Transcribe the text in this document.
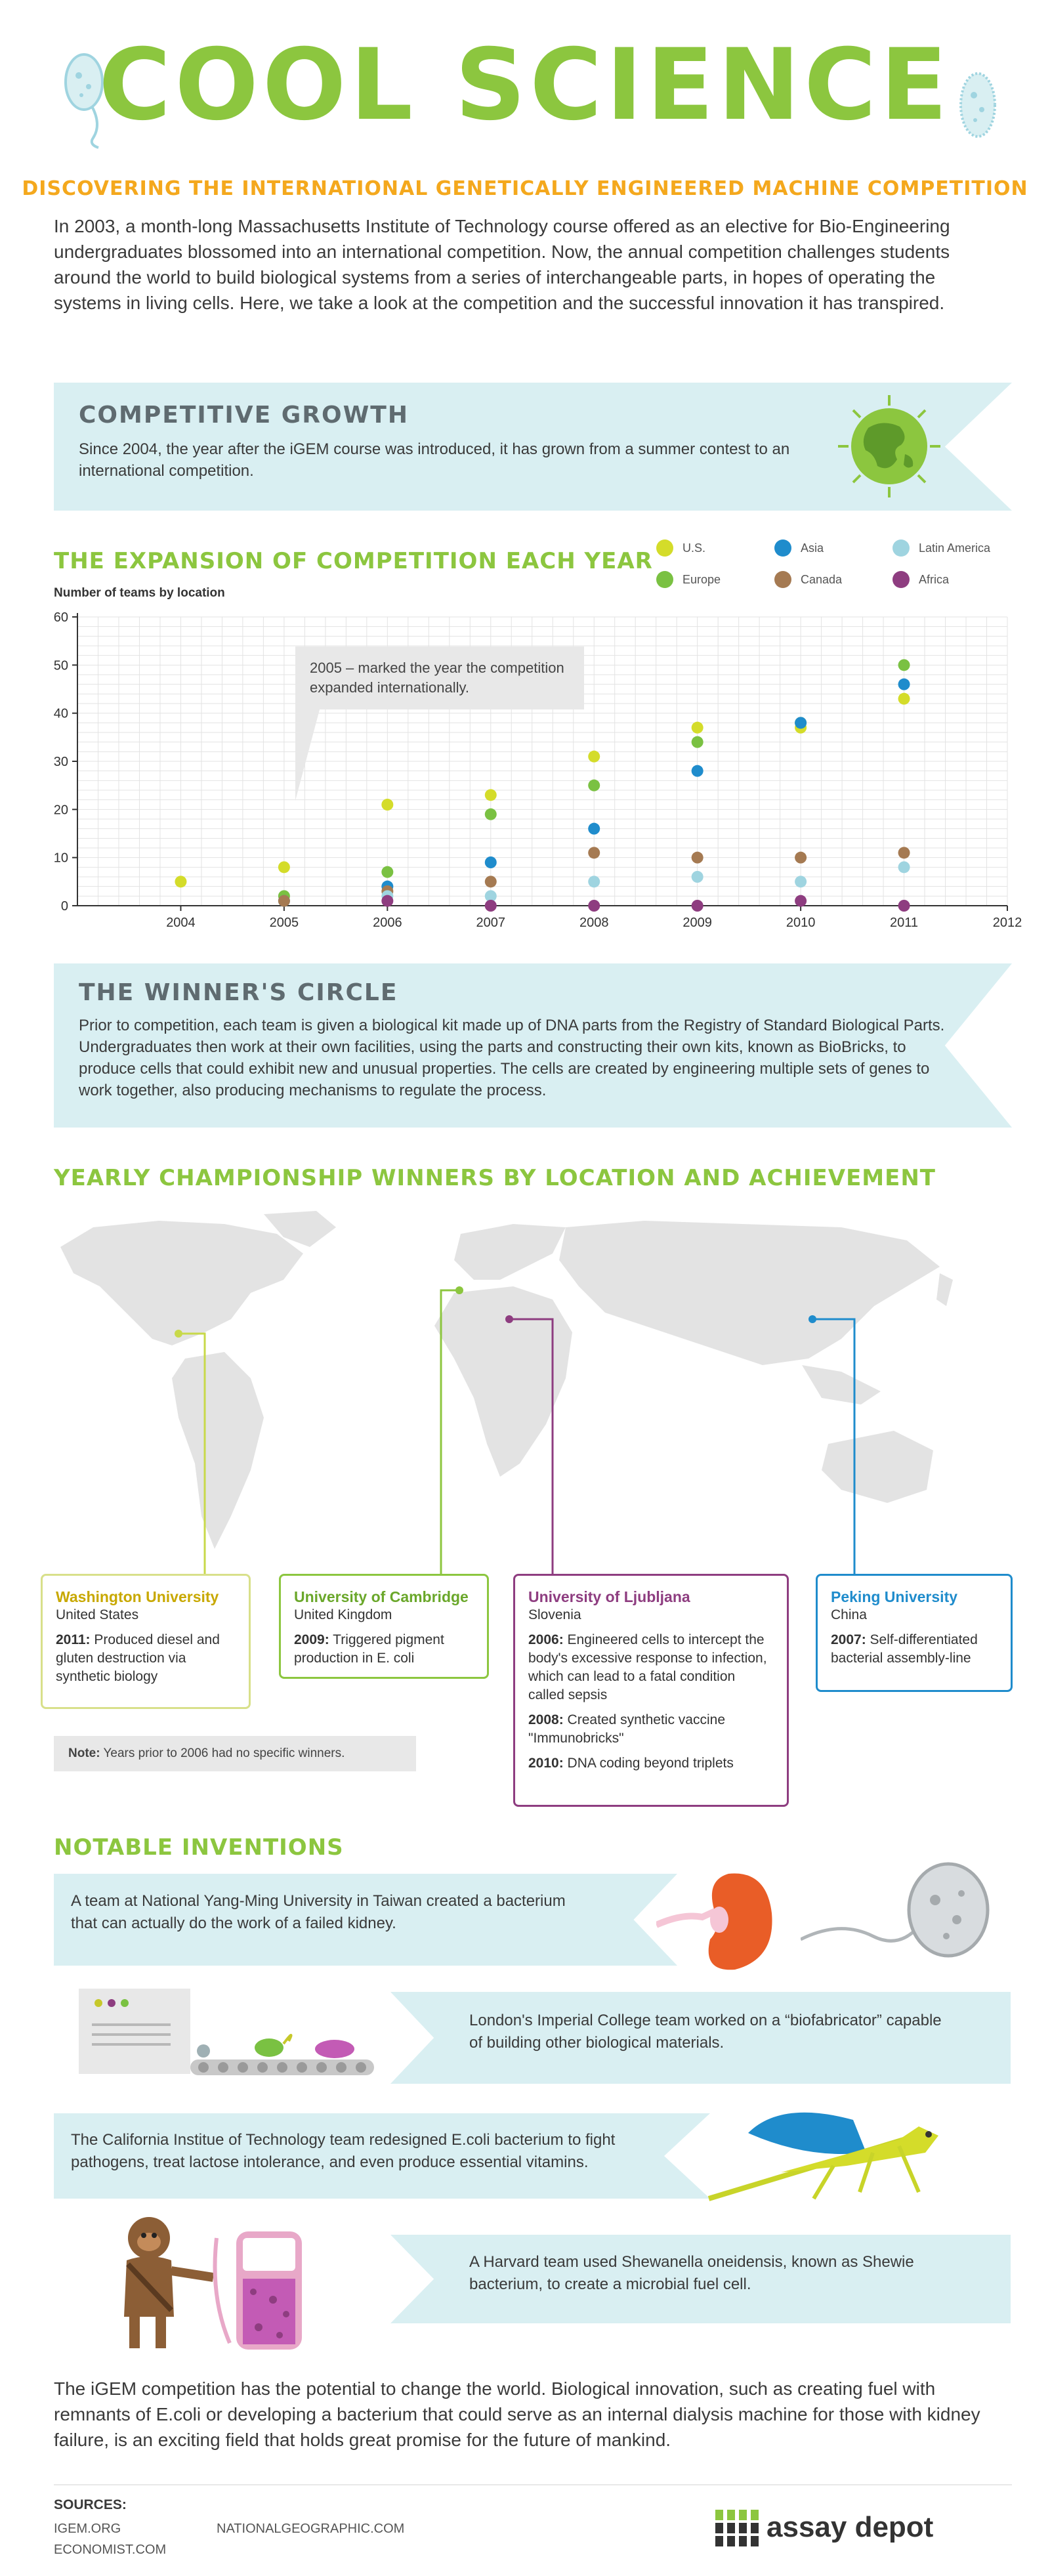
COOL SCIENCE
DISCOVERING THE INTERNATIONAL GENETICALLY ENGINEERED MACHINE COMPETITION
In 2003, a month-long Massachusetts Institute of Technology course offered as an elective for Bio-Engineering undergraduates blossomed into an international competition. Now, the annual competition challenges students around the world to build biological systems from a series of interchangeable parts, in hopes of operating the systems in living cells. Here, we take a look at the competition and the successful innovation it has transpired.
COMPETITIVE GROWTH
Since 2004, the year after the iGEM course was introduced, it has grown from a summer contest to an international competition.
THE EXPANSION OF COMPETITION EACH YEAR
Number of teams by location
U.S.	Asia	Latin America
Europe	Canada	Africa
0
10
20
30
40
50
60
2004	2005	2006	2007	2008	2009	2010	2011	2012
2005 – marked the year the competition expanded internationally.
THE WINNER'S CIRCLE
Prior to competition, each team is given a biological kit made up of DNA parts from the Registry of Standard Biological Parts. Undergraduates then work at their own facilities, using the parts and constructing their own kits, known as BioBricks, to produce cells that could exhibit new and unusual properties. The cells are created by engineering multiple sets of genes to work together, also producing mechanisms to regulate the process.
YEARLY CHAMPIONSHIP WINNERS BY LOCATION AND ACHIEVEMENT
Washington University
United States

2011: Produced diesel and gluten destruction via synthetic biology

University of Cambridge
United Kingdom

2009: Triggered pigment production in E. coli

University of Ljubljana
Slovenia

2006: Engineered cells to intercept the body's excessive response to infection, which can lead to a fatal condition called sepsis

2008: Created synthetic vaccine "Immunobricks"

2010: DNA coding beyond triplets

Peking University
China

2007: Self-differentiated bacterial assembly-line

Note: Years prior to 2006 had no specific winners.
NOTABLE INVENTIONS
A team at National Yang-Ming University in Taiwan created a bacterium that can actually do the work of a failed kidney.
London's Imperial College team worked on a “biofabricator” capable of building other biological materials.
The California Institue of Technology team redesigned E.coli bacterium to fight pathogens, treat lactose intolerance, and even produce essential vitamins.
A Harvard team used Shewanella oneidensis, known as Shewie bacterium, to create a microbial fuel cell.
The iGEM competition has the potential to change the world. Biological innovation, such as creating fuel with remnants of E.coli or developing a bacterium that could serve as an internal dialysis machine for those with kidney failure, is an exciting field that holds great promise for the future of mankind.
SOURCES:
IGEM.ORG
ECONOMIST.COM
NATIONALGEOGRAPHIC.COM	assay depot
